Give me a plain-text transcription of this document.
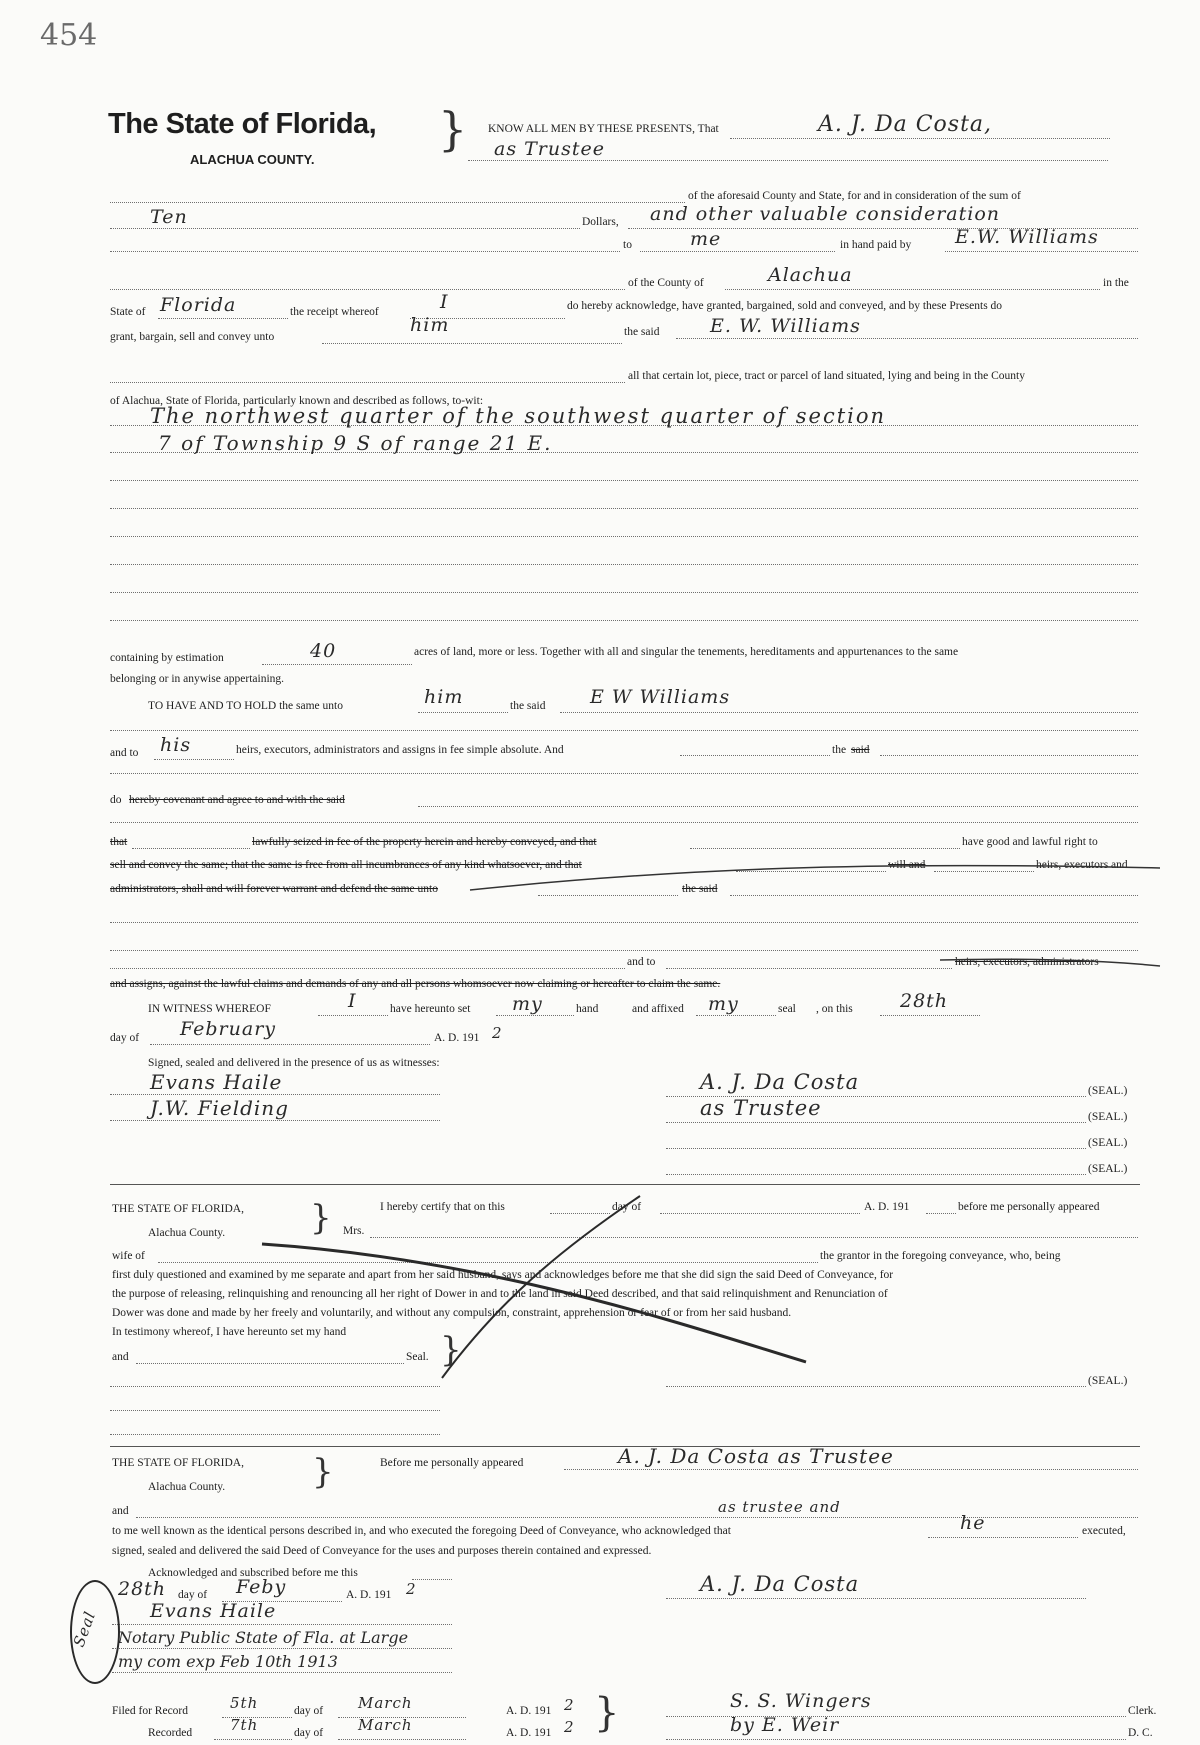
454
The State of Florida,
ALACHUA COUNTY.
} KNOW ALL MEN BY THESE PRESENTS, That	A. J. Da Costa,
as Trustee
of the aforesaid County and State, for and in consideration of the sum of
Ten	Dollars, and other valuable consideration
to	me	in hand paid by E.W. Williams
of the County of	Alachua	in the
State of Florida	the receipt whereof	I	do hereby acknowledge, have granted, bargained, sold and conveyed, and by these Presents do
grant, bargain, sell and convey unto
him	the said	E. W. Williams
all that certain lot, piece, tract or parcel of land situated, lying and being in the County
of Alachua, State of Florida, particularly known and described as follows, to-wit:
The northwest quarter of the southwest quarter of section
7 of Township 9 S of range 21 E.
containing by estimation	40	acres of land, more or less. Together with all and singular the tenements, hereditaments and appurtenances to the same
belonging or in anywise appertaining.
TO HAVE AND TO HOLD the same unto	him	the said E W Williams
and to his	heirs, executors, administrators and assigns in fee simple absolute. And	the said
do hereby covenant and agree to and with the said
that	lawfully seized in fee of the property herein and hereby conveyed, and that	have good and lawful right to
sell and convey the same; that the same is free from all incumbrances of any kind whatsoever, and that	will and	heirs, executors and
administrators, shall and will forever warrant and defend the same unto	the said
and to	heirs, executors, administrators
and assigns, against the lawful claims and demands of any and all persons whomsoever now claiming or hereafter to claim the same.
IN WITNESS WHEREOF	I	have hereunto set my	hand	and affixed my	seal , on this 28th
day of February	A. D. 191 2
Signed, sealed and delivered in the presence of us as witnesses:
Evans Haile
J.W. Fielding
A. J. Da Costa	(SEAL.)
as Trustee	(SEAL.)
(SEAL.)
(SEAL.)
THE STATE OF FLORIDA,
Alachua County. }	I hereby certify that on this	day of	A. D. 191	before me personally appeared
Mrs.
wife of	the grantor in the foregoing conveyance, who, being
first duly questioned and examined by me separate and apart from her said husband, says and acknowledges before me that she did sign the said Deed of Conveyance, for
the purpose of releasing, relinquishing and renouncing all her right of Dower in and to the land in said Deed described, and that said relinquishment and Renunciation of
Dower was done and made by her freely and voluntarily, and without any compulsion, constraint, apprehension or fear of or from her said husband.
In testimony whereof, I have hereunto set my hand
and	Seal. }
(SEAL.)
THE STATE OF FLORIDA,
Alachua County.	}	Before me personally appeared	A. J. Da Costa as Trustee
and	as trustee and
to me well known as the identical persons described in, and who executed the foregoing Deed of Conveyance, who acknowledged that	he	executed,
signed, sealed and delivered the said Deed of Conveyance for the uses and purposes therein contained and expressed.
Acknowledged and subscribed before me this
28th day of Feby	A. D. 191 2
Evans Haile
Notary Public State of Fla. at Large
my com exp Feb 10th 1913
Seal
A. J. Da Costa
Filed for Record	5th	day of March	A. D. 191 2
Recorded	7th	day of March	A. D. 191 2 }	S. S. Wingers	Clerk.
by E. Weir	D. C.
